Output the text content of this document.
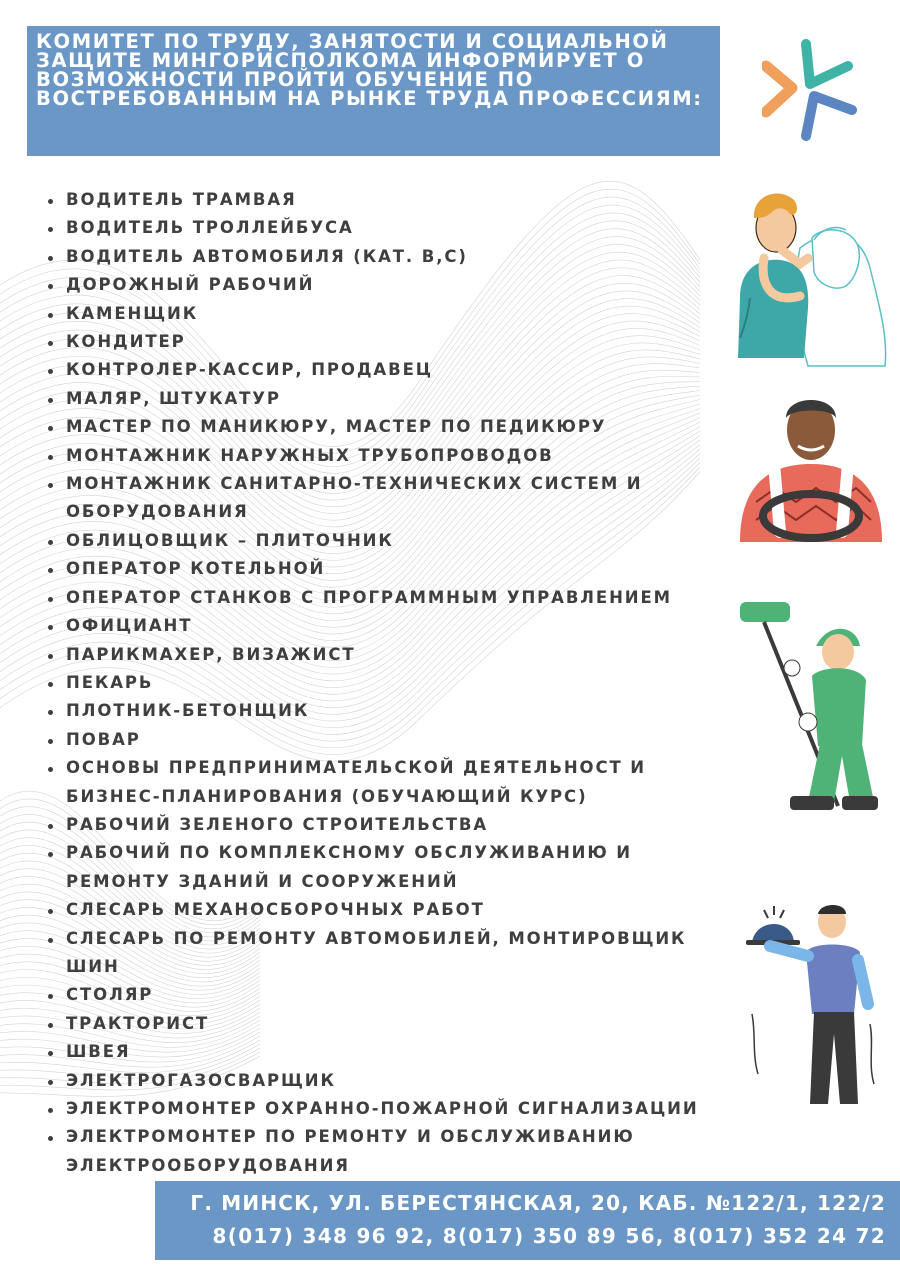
КОМИТЕТ ПО ТРУДУ, ЗАНЯТОСТИ И СОЦИАЛЬНОЙ ЗАЩИТЕ МИНГОРИСПОЛКОМА ИНФОРМИРУЕТ О ВОЗМОЖНОСТИ ПРОЙТИ ОБУЧЕНИЕ ПО ВОСТРЕБОВАННЫМ НА РЫНКЕ ТРУДА ПРОФЕССИЯМ:

ВОДИТЕЛЬ ТРАМВАЯ
ВОДИТЕЛЬ ТРОЛЛЕЙБУСА
ВОДИТЕЛЬ АВТОМОБИЛЯ (КАТ. В,С)
ДОРОЖНЫЙ РАБОЧИЙ
КАМЕНЩИК
КОНДИТЕР
КОНТРОЛЕР-КАССИР, ПРОДАВЕЦ
МАЛЯР, ШТУКАТУР
МАСТЕР ПО МАНИКЮРУ, МАСТЕР ПО ПЕДИКЮРУ
МОНТАЖНИК НАРУЖНЫХ ТРУБОПРОВОДОВ
МОНТАЖНИК САНИТАРНО-ТЕХНИЧЕСКИХ СИСТЕМ И ОБОРУДОВАНИЯ
ОБЛИЦОВЩИК – ПЛИТОЧНИК
ОПЕРАТОР КОТЕЛЬНОЙ
ОПЕРАТОР СТАНКОВ С ПРОГРАММНЫМ УПРАВЛЕНИЕМ
ОФИЦИАНТ
ПАРИКМАХЕР, ВИЗАЖИСТ
ПЕКАРЬ
ПЛОТНИК-БЕТОНЩИК
ПОВАР
ОСНОВЫ ПРЕДПРИНИМАТЕЛЬСКОЙ ДЕЯТЕЛЬНОСТ И БИЗНЕС-ПЛАНИРОВАНИЯ (ОБУЧАЮЩИЙ КУРС)
РАБОЧИЙ ЗЕЛЕНОГО СТРОИТЕЛЬСТВА
РАБОЧИЙ ПО КОМПЛЕКСНОМУ ОБСЛУЖИВАНИЮ И РЕМОНТУ ЗДАНИЙ И СООРУЖЕНИЙ
СЛЕСАРЬ МЕХАНОСБОРОЧНЫХ РАБОТ
СЛЕСАРЬ ПО РЕМОНТУ АВТОМОБИЛЕЙ, МОНТИРОВЩИК ШИН
СТОЛЯР
ТРАКТОРИСТ
ШВЕЯ
ЭЛЕКТРОГАЗОСВАРЩИК
ЭЛЕКТРОМОНТЕР ОХРАННО-ПОЖАРНОЙ СИГНАЛИЗАЦИИ
ЭЛЕКТРОМОНТЕР ПО РЕМОНТУ И ОБСЛУЖИВАНИЮ ЭЛЕКТРООБОРУДОВАНИЯ
Г. МИНСК, УЛ. БЕРЕСТЯНСКАЯ, 20, КАБ. №122/1, 122/2
8(017) 348 96 92, 8(017) 350 89 56, 8(017) 352 24 72
